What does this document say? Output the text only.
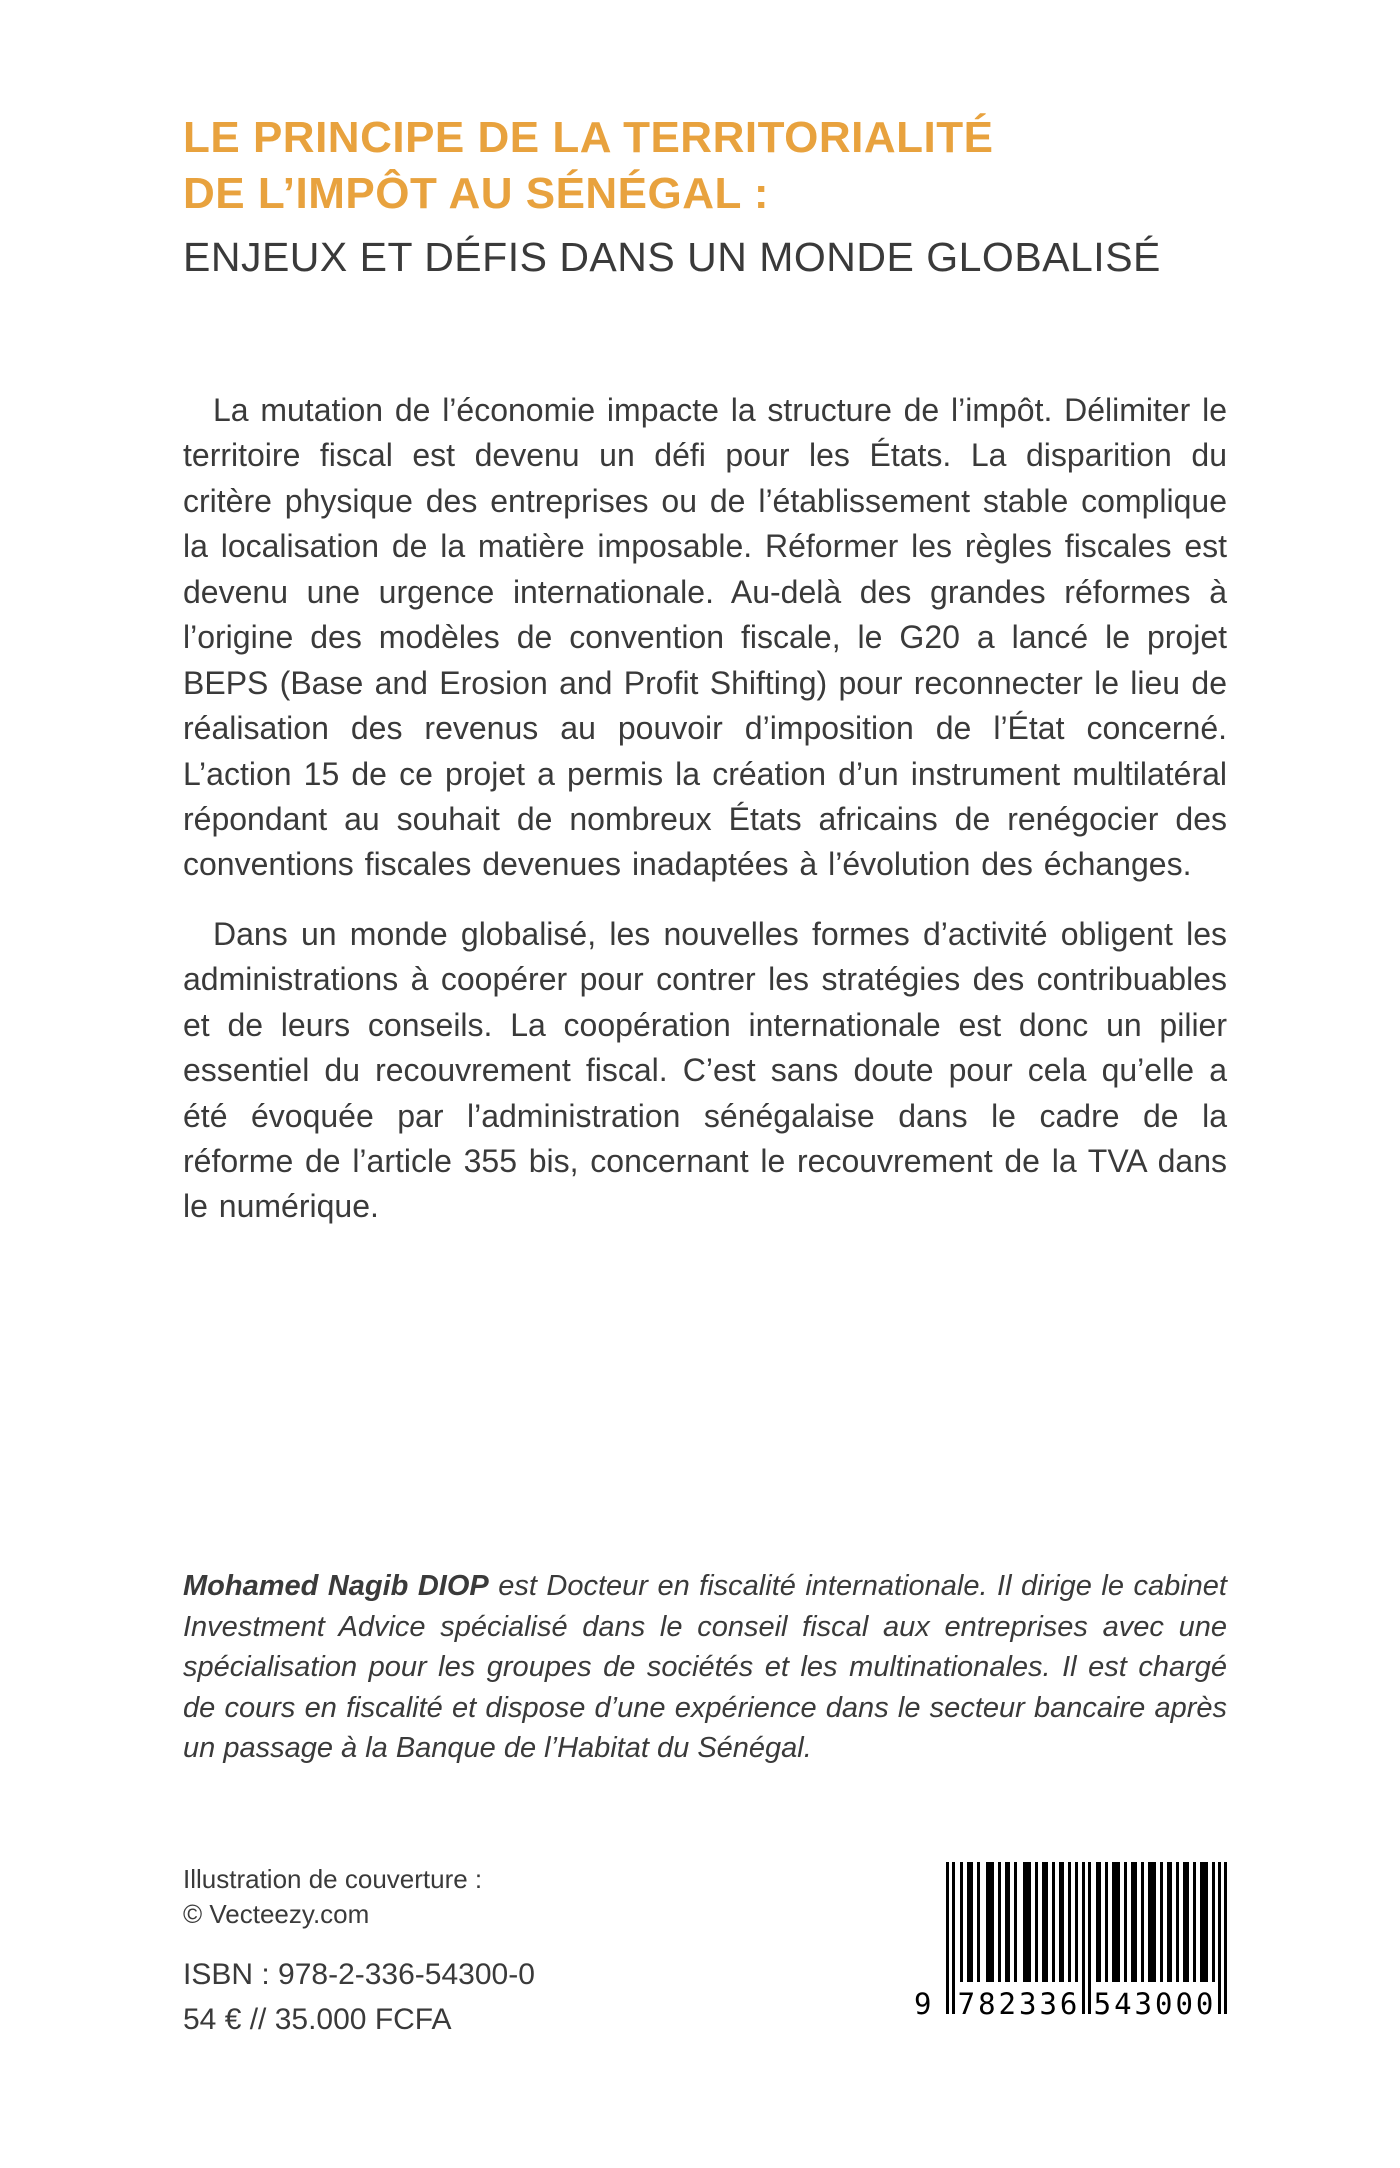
LE PRINCIPE DE LA TERRITORIALITÉ
DE L’IMPÔT AU SÉNÉGAL :
ENJEUX ET DÉFIS DANS UN MONDE GLOBALISÉ

La mutation de l’économie impacte la structure de l’impôt. Délimiter le territoire fiscal est devenu un défi pour les États. La disparition du critère physique des entreprises ou de l’établissement stable complique la localisation de la matière imposable. Réformer les règles fiscales est devenu une urgence internationale. Au-delà des grandes réformes à l’origine des modèles de convention fiscale, le G20 a lancé le projet BEPS (Base and Erosion and Profit Shifting) pour reconnecter le lieu de réalisation des revenus au pouvoir d’imposition de l’État concerné. L’action 15 de ce projet a permis la création d’un instrument multilatéral répondant au souhait de nombreux États africains de renégocier des conventions fiscales devenues inadaptées à l’évolution des échanges.

Dans un monde globalisé, les nouvelles formes d’activité obligent les administrations à coopérer pour contrer les stratégies des contribuables et de leurs conseils. La coopération internationale est donc un pilier essentiel du recouvrement fiscal. C’est sans doute pour cela qu’elle a été évoquée par l’administration sénégalaise dans le cadre de la réforme de l’article 355 bis, concernant le recouvrement de la TVA dans le numérique.

Mohamed Nagib DIOP est Docteur en fiscalité internationale. Il dirige le cabinet Investment Advice spécialisé dans le conseil fiscal aux entreprises avec une spécialisation pour les groupes de sociétés et les multinationales. Il est chargé de cours en fiscalité et dispose d’une expérience dans le secteur bancaire après un passage à la Banque de l’Habitat du Sénégal.

Illustration de couverture :
© Vecteezy.com
ISBN : 978-2-336-54300-0
54 € // 35.000 FCFA	9 782336 543000
